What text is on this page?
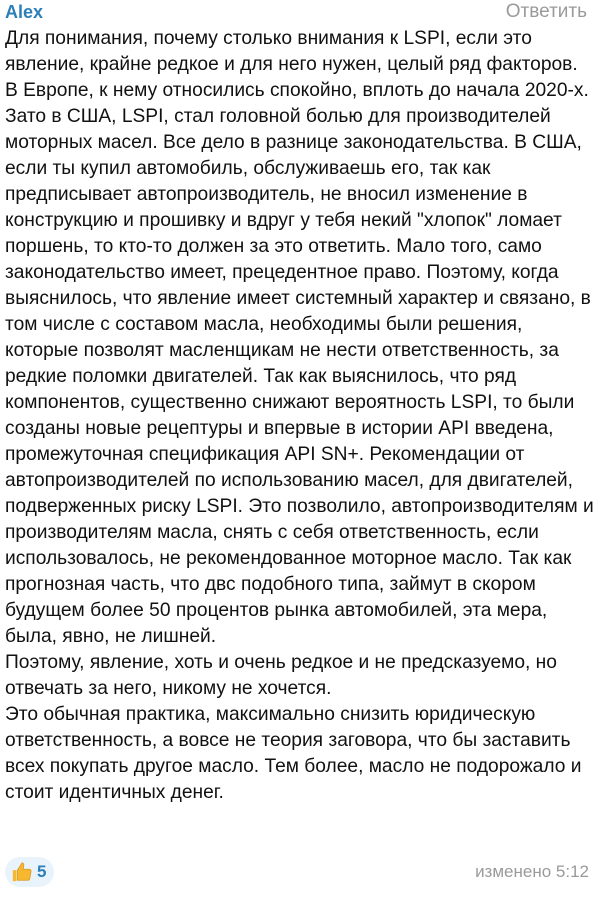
Alex	Ответить

Для понимания, почему столько внимания к LSPI, если это явление, крайне редкое и для него нужен, целый ряд факторов.

В Европе, к нему относились спокойно, вплоть до начала 2020-х. Зато в США, LSPI, стал головной болью для производителей моторных масел. Все дело в разнице законодательства. В США, если ты купил автомобиль, обслуживаешь его, так как предписывает автопроизводитель, не вносил изменение в конструкцию и прошивку и вдруг у тебя некий "хлопок" ломает поршень, то кто-то должен за это ответить. Мало того, само законодательство имеет, прецедентное право. Поэтому, когда выяснилось, что явление имеет системный характер и связано, в том числе с составом масла, необходимы были решения, которые позволят масленщикам не нести ответственность, за редкие поломки двигателей. Так как выяснилось, что ряд компонентов, существенно снижают вероятность LSPI, то были созданы новые рецептуры и впервые в истории API введена, промежуточная спецификация API SN+. Рекомендации от автопроизводителей по использованию масел, для двигателей, подверженных риску LSPI. Это позволило, автопроизводителям и производителям масла, снять с себя ответственность, если использовалось, не рекомендованное моторное масло. Так как прогнозная часть, что двс подобного типа, займут в скором будущем более 50 процентов рынка автомобилей, эта мера, была, явно, не лишней.

Поэтому, явление, хоть и очень редкое и не предсказуемо, но отвечать за него, никому не хочется.

Это обычная практика, максимально снизить юридическую ответственность, а вовсе не теория заговора, что бы заставить всех покупать другое масло. Тем более, масло не подорожало и стоит идентичных денег.

5	изменено 5:12
